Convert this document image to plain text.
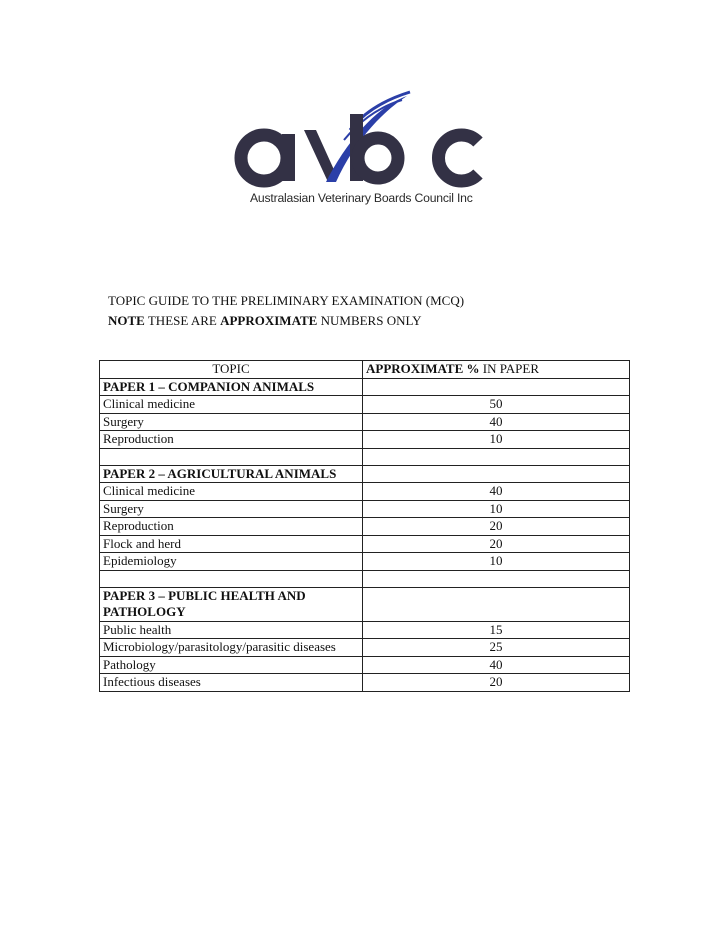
Australasian Veterinary Boards Council Inc
TOPIC GUIDE TO THE PRELIMINARY EXAMINATION (MCQ)
NOTE THESE ARE APPROXIMATE NUMBERS ONLY
TOPIC	APPROXIMATE % IN PAPER
PAPER 1 – COMPANION ANIMALS	
Clinical medicine	50
Surgery	40
Reproduction	10

PAPER 2 – AGRICULTURAL ANIMALS	
Clinical medicine	40
Surgery	10
Reproduction	20
Flock and herd	20
Epidemiology	10

PAPER 3 – PUBLIC HEALTH AND PATHOLOGY	
Public health	15
Microbiology/parasitology/parasitic diseases	25
Pathology	40
Infectious diseases	20
